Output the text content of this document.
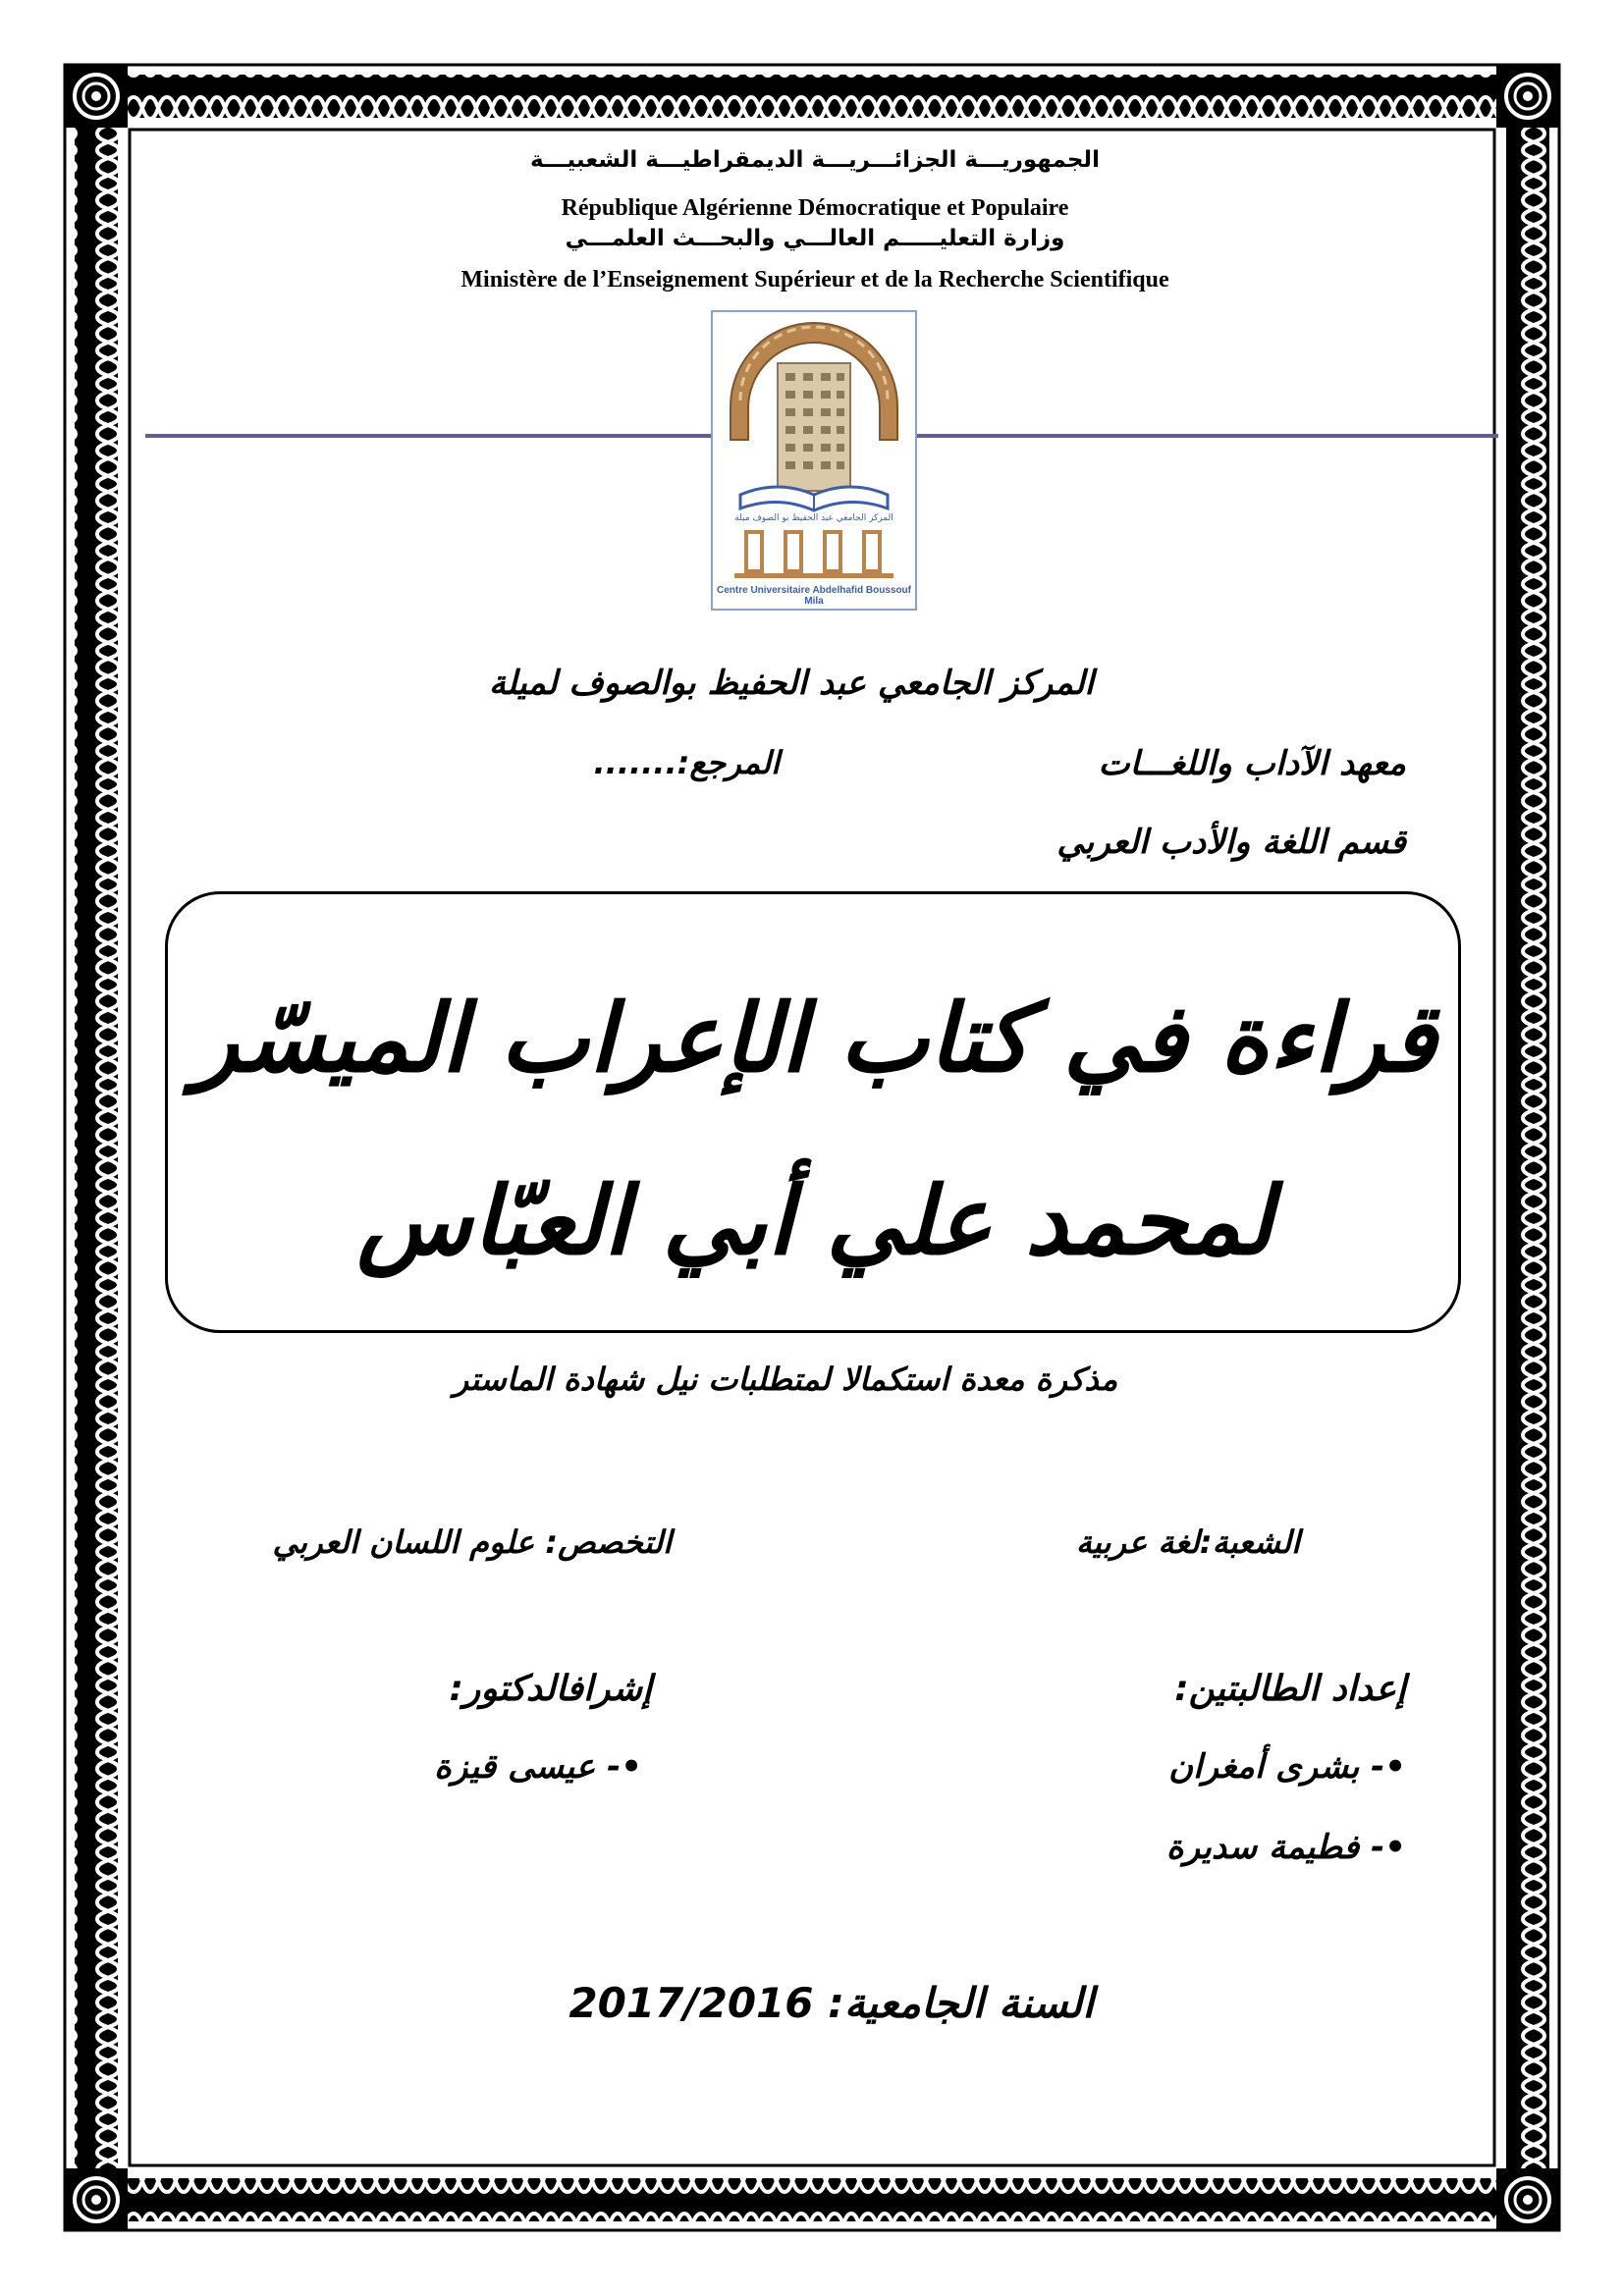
الجمهوريـــة الجزائـــريـــة الديمقراطيـــة الشعبيـــة
République Algérienne Démocratique et Populaire
وزارة التعليـــــم العالـــي والبحـــث العلمـــي
Ministère de l’Enseignement Supérieur et de la Recherche Scientifique
المركز الجامعي عبد الحفيظ بو الصوف ميلة
Centre Universitaire Abdelhafid Boussouf Mila
المركز الجامعي عبد الحفيظ بوالصوف لميلة
معهد الآداب واللغـــات
المرجع:.......
قسم اللغة والأدب العربي
قراءة في كتاب الإعراب الميسّر
لمحمد علي أبي العبّاس
مذكرة معدة استكمالا لمتطلبات نيل شهادة الماستر
الشعبة:لغة عربية
التخصص: علوم اللسان العربي
إعداد الطالبتين:
•- بشرى أمغران
•- فطيمة سديرة
إشرافالدكتور:
•- عيسى قيزة
السنة الجامعية: 2017/2016
